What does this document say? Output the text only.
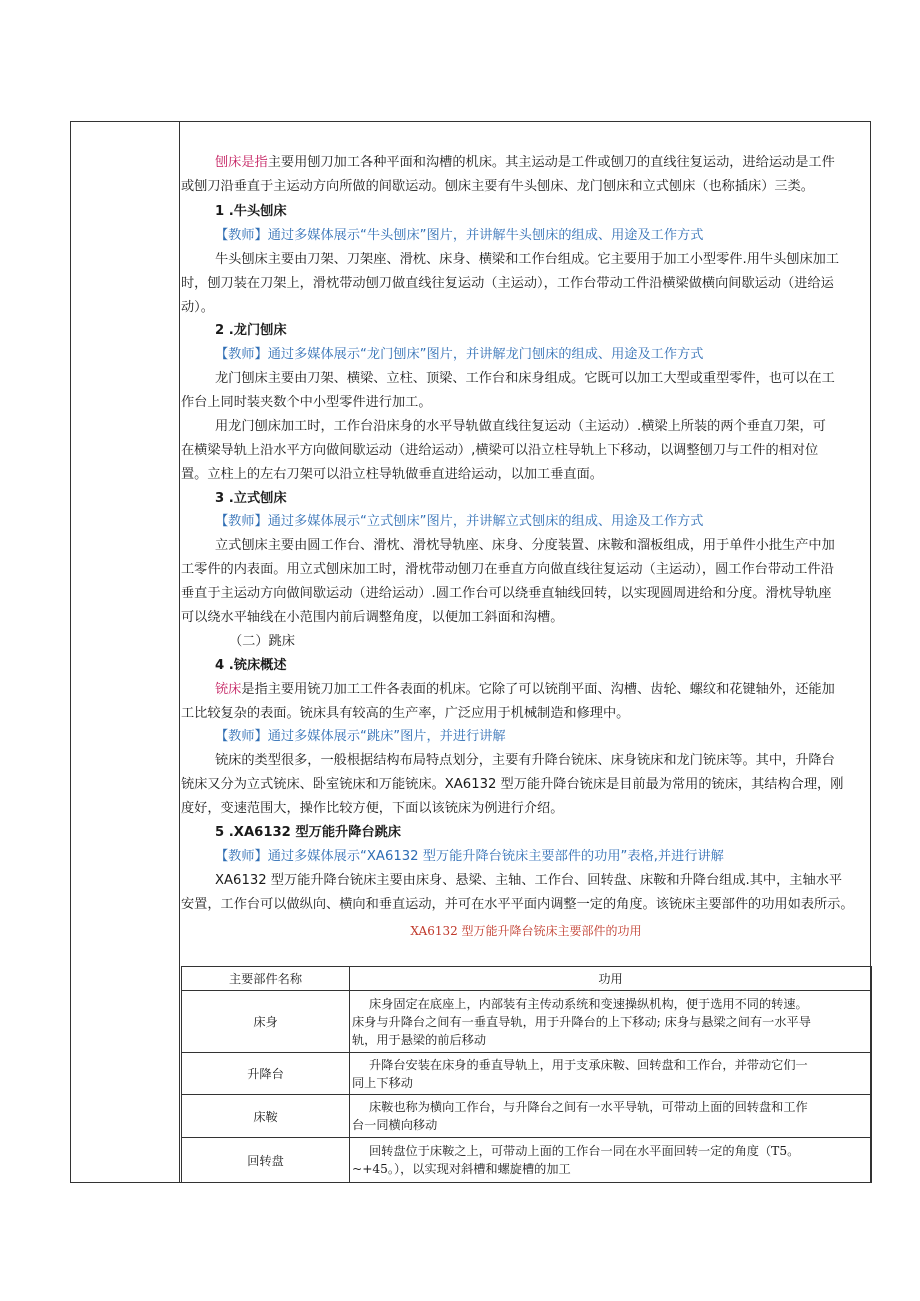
刨床是指主要用刨刀加工各种平面和沟槽的机床。其主运动是工件或刨刀的直线往复运动，进给运动是工件
或刨刀沿垂直于主运动方向所做的间歇运动。刨床主要有牛头刨床、龙门刨床和立式刨床（也称插床）三类。
1 .牛头刨床
【教师】通过多媒体展示“牛头刨床”图片，并讲解牛头刨床的组成、用途及工作方式
牛头刨床主要由刀架、刀架座、滑枕、床身、横梁和工作台组成。它主要用于加工小型零件.用牛头刨床加工
时，刨刀装在刀架上，滑枕带动刨刀做直线往复运动（主运动），工作台带动工件沿横梁做横向间歇运动（进给运
动）。
2 .龙门刨床
【教师】通过多媒体展示“龙门刨床”图片，并讲解龙门刨床的组成、用途及工作方式
龙门刨床主要由刀架、横梁、立柱、顶梁、工作台和床身组成。它既可以加工大型或重型零件，也可以在工
作台上同时装夹数个中小型零件进行加工。
用龙门刨床加工时，工作台沿床身的水平导轨做直线往复运动（主运动）.横梁上所装的两个垂直刀架，可
在横梁导轨上沿水平方向做间歇运动（进给运动）,横梁可以沿立柱导轨上下移动，以调整刨刀与工件的相对位
置。立柱上的左右刀架可以沿立柱导轨做垂直进给运动，以加工垂直面。
3 .立式刨床
【教师】通过多媒体展示“立式刨床”图片，并讲解立式刨床的组成、用途及工作方式
立式刨床主要由圆工作台、滑枕、滑枕导轨座、床身、分度装置、床鞍和溜板组成，用于单件小批生产中加
工零件的内表面。用立式刨床加工时，滑枕带动刨刀在垂直方向做直线往复运动（主运动），圆工作台带动工件沿
垂直于主运动方向做间歇运动（进给运动）.圆工作台可以绕垂直轴线回转，以实现圆周进给和分度。滑枕导轨座
可以绕水平轴线在小范围内前后调整角度，以便加工斜面和沟槽。
（二）跳床
4 .铳床概述
铳床是指主要用铳刀加工工件各表面的机床。它除了可以铳削平面、沟槽、齿轮、螺纹和花键轴外，还能加
工比较复杂的表面。铳床具有较高的生产率，广泛应用于机械制造和修理中。
【教师】通过多媒体展示“跳床”图片，并进行讲解
铳床的类型很多，一般根据结构布局特点划分，主要有升降台铳床、床身铳床和龙门铳床等。其中，升降台
铳床又分为立式铳床、卧室铳床和万能铳床。XA6132 型万能升降台铳床是目前最为常用的铳床，其结构合理，刚
度好，变速范围大，操作比较方便，下面以该铳床为例进行介绍。
5 .XA6132 型万能升降台跳床
【教师】通过多媒体展示“XA6132 型万能升降台铳床主要部件的功用”表格,并进行讲解
XA6132 型万能升降台铳床主要由床身、悬梁、主轴、工作台、回转盘、床鞍和升降台组成.其中，主轴水平
安置，工作台可以做纵向、横向和垂直运动，并可在水平平面内调整一定的角度。该铳床主要部件的功用如表所示。
XA6132 型万能升降台铳床主要部件的功用
主要部件名称	功用
床身	床身固定在底座上，内部装有主传动系统和变速操纵机构，便于选用不同的转速。
床身与升降台之间有一垂直导轨，用于升降台的上下移动; 床身与悬梁之间有一水平导
轨，用于悬梁的前后移动

升降台	升降台安装在床身的垂直导轨上，用于支承床鞍、回转盘和工作台，并带动它们一
同上下移动

床鞍	床鞍也称为横向工作台，与升降台之间有一水平导轨，可带动上面的回转盘和工作
台一同横向移动

回转盘	回转盘位于床鞍之上，可带动上面的工作台一同在水平面回转一定的角度（T5。
~+45。），以实现对斜槽和螺旋槽的加工
